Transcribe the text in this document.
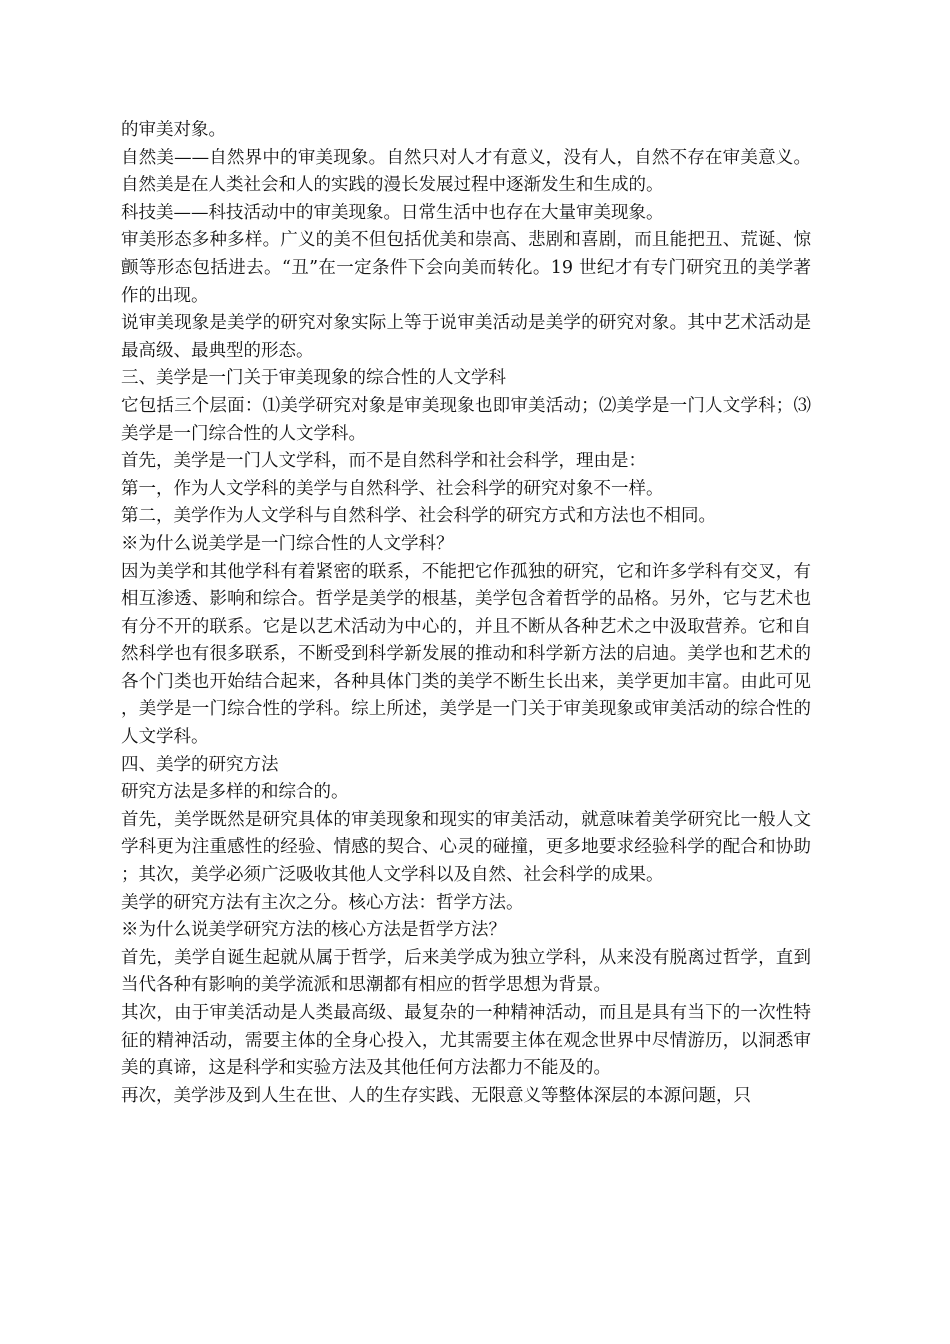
的审美对象。

自然美——自然界中的审美现象。自然只对人才有意义，没有人，自然不存在审美意义。自然美是在人类社会和人的实践的漫长发展过程中逐渐发生和生成的。

科技美——科技活动中的审美现象。日常生活中也存在大量审美现象。

审美形态多种多样。广义的美不但包括优美和崇高、悲剧和喜剧，而且能把丑、荒诞、惊颤等形态包括进去。“丑”在一定条件下会向美而转化。19 世纪才有专门研究丑的美学著作的出现。

说审美现象是美学的研究对象实际上等于说审美活动是美学的研究对象。其中艺术活动是最高级、最典型的形态。

三、美学是一门关于审美现象的综合性的人文学科

它包括三个层面：⑴美学研究对象是审美现象也即审美活动；⑵美学是一门人文学科；⑶美学是一门综合性的人文学科。

首先，美学是一门人文学科，而不是自然科学和社会科学，理由是：

第一，作为人文学科的美学与自然科学、社会科学的研究对象不一样。

第二，美学作为人文学科与自然科学、社会科学的研究方式和方法也不相同。

※为什么说美学是一门综合性的人文学科？

因为美学和其他学科有着紧密的联系，不能把它作孤独的研究，它和许多学科有交叉，有相互渗透、影响和综合。哲学是美学的根基，美学包含着哲学的品格。另外，它与艺术也有分不开的联系。它是以艺术活动为中心的，并且不断从各种艺术之中汲取营养。它和自然科学也有很多联系，不断受到科学新发展的推动和科学新方法的启迪。美学也和艺术的各个门类也开始结合起来，各种具体门类的美学不断生长出来，美学更加丰富。由此可见，美学是一门综合性的学科。综上所述，美学是一门关于审美现象或审美活动的综合性的人文学科。

四、美学的研究方法

研究方法是多样的和综合的。

首先，美学既然是研究具体的审美现象和现实的审美活动，就意味着美学研究比一般人文学科更为注重感性的经验、情感的契合、心灵的碰撞，更多地要求经验科学的配合和协助；其次，美学必须广泛吸收其他人文学科以及自然、社会科学的成果。

美学的研究方法有主次之分。核心方法：哲学方法。

※为什么说美学研究方法的核心方法是哲学方法？

首先，美学自诞生起就从属于哲学，后来美学成为独立学科，从来没有脱离过哲学，直到当代各种有影响的美学流派和思潮都有相应的哲学思想为背景。

其次，由于审美活动是人类最高级、最复杂的一种精神活动，而且是具有当下的一次性特征的精神活动，需要主体的全身心投入，尤其需要主体在观念世界中尽情游历，以洞悉审美的真谛，这是科学和实验方法及其他任何方法都力不能及的。

再次，美学涉及到人生在世、人的生存实践、无限意义等整体深层的本源问题，只
